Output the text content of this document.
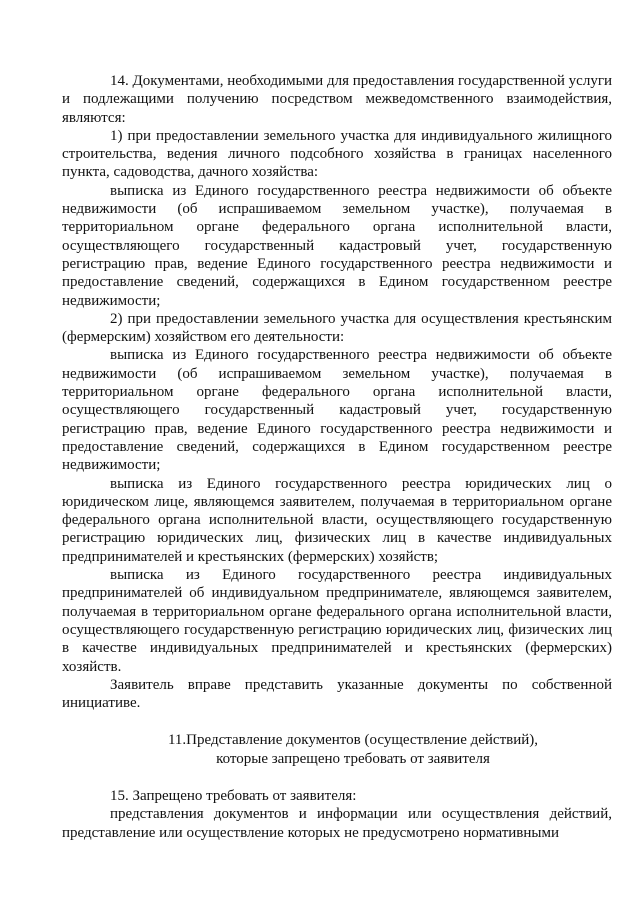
14. Документами, необходимыми для предоставления государственной услуги и подлежащими получению посредством межведомственного взаимодействия, являются:

1) при предоставлении земельного участка для индивидуального жилищного строительства, ведения личного подсобного хозяйства в границах населенного пункта, садоводства, дачного хозяйства:

выписка из Единого государственного реестра недвижимости об объекте недвижимости (об испрашиваемом земельном участке), получаемая в территориальном органе федерального органа исполнительной власти, осуществляющего государственный кадастровый учет, государственную регистрацию прав, ведение Единого государственного реестра недвижимости и предоставление сведений, содержащихся в Едином государственном реестре недвижимости;

2) при предоставлении земельного участка для осуществления крестьянским (фермерским) хозяйством его деятельности:

выписка из Единого государственного реестра недвижимости об объекте недвижимости (об испрашиваемом земельном участке), получаемая в территориальном органе федерального органа исполнительной власти, осуществляющего государственный кадастровый учет, государственную регистрацию прав, ведение Единого государственного реестра недвижимости и предоставление сведений, содержащихся в Едином государственном реестре недвижимости;

выписка из Единого государственного реестра юридических лиц о юридическом лице, являющемся заявителем, получаемая в территориальном органе федерального органа исполнительной власти, осуществляющего государственную регистрацию юридических лиц, физических лиц в качестве индивидуальных предпринимателей и крестьянских (фермерских) хозяйств;

выписка из Единого государственного реестра индивидуальных предпринимателей об индивидуальном предпринимателе, являющемся заявителем, получаемая в территориальном органе федерального органа исполнительной власти, осуществляющего государственную регистрацию юридических лиц, физических лиц в качестве индивидуальных предпринимателей и крестьянских (фермерских) хозяйств.

Заявитель вправе представить указанные документы по собственной инициативе.

11.Представление документов (осуществление действий),

которые запрещено требовать от заявителя

15. Запрещено требовать от заявителя:

представления документов и информации или осуществления действий, представление или осуществление которых не предусмотрено нормативными
